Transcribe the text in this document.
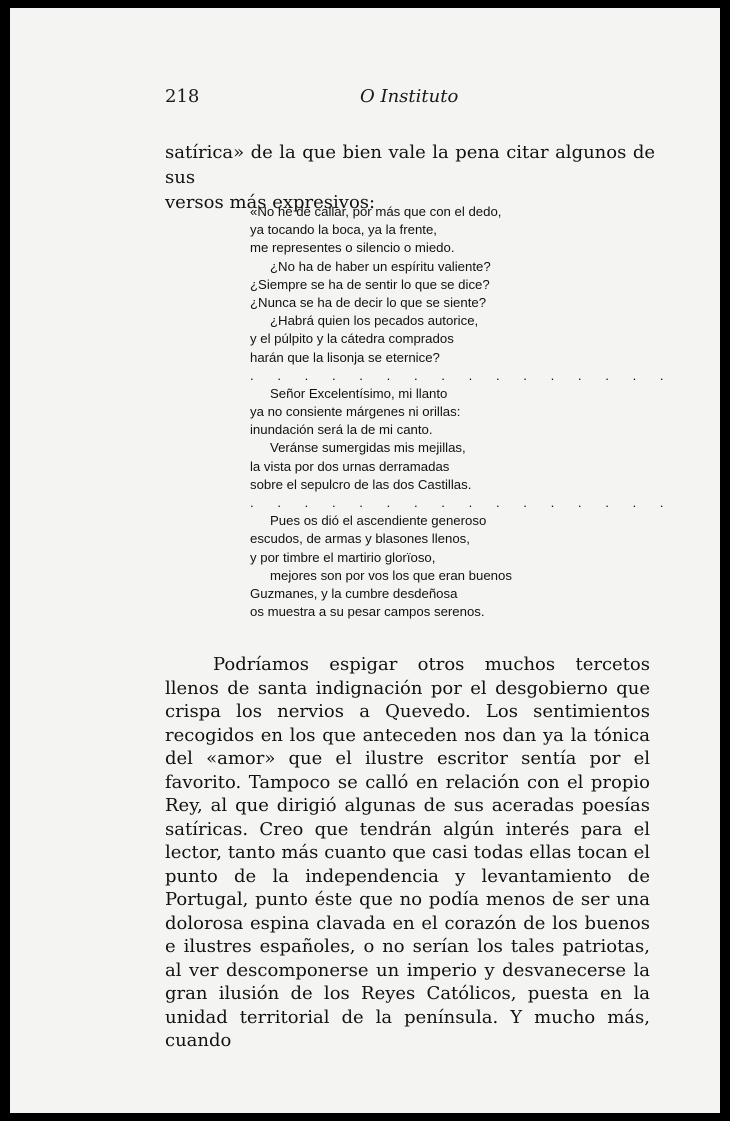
218	O Instituto

satírica» de la que bien vale la pena citar algunos de sus

versos más expresivos:

«No he de callar, por más que con el dedo,
ya tocando la boca, ya la frente,
me representes o silencio o miedo.
¿No ha de haber un espíritu valiente?
¿Siempre se ha de sentir lo que se dice?
¿Nunca se ha de decir lo que se siente?
¿Habrá quien los pecados autorice,
y el púlpito y la cátedra comprados
harán que la lisonja se eternice?
. . . . . . . . . . . . . . . .
Señor Excelentísimo, mi llanto
ya no consiente márgenes ni orillas:
inundación será la de mi canto.
Veránse sumergidas mis mejillas,
la vista por dos urnas derramadas
sobre el sepulcro de las dos Castillas.
. . . . . . . . . . . . . . . .
Pues os dió el ascendiente generoso
escudos, de armas y blasones llenos,
y por timbre el martirio glorïoso,
mejores son por vos los que eran buenos
Guzmanes, y la cumbre desdeñosa
os muestra a su pesar campos serenos.

Podríamos espigar otros muchos tercetos llenos de santa indignación por el desgobierno que crispa los nervios a Quevedo. Los sentimientos recogidos en los que anteceden nos dan ya la tónica del «amor» que el ilustre escritor sentía por el favorito. Tampoco se calló en relación con el propio Rey, al que dirigió algunas de sus aceradas poesías satíricas. Creo que tendrán algún interés para el lector, tanto más cuanto que casi todas ellas tocan el punto de la independencia y levantamiento de Portugal, punto éste que no podía menos de ser una dolorosa espina clavada en el corazón de los buenos e ilustres españoles, o no serían los tales patriotas, al ver descomponerse un imperio y desvanecerse la gran ilusión de los Reyes Católicos, puesta en la unidad territorial de la península. Y mucho más, cuando
